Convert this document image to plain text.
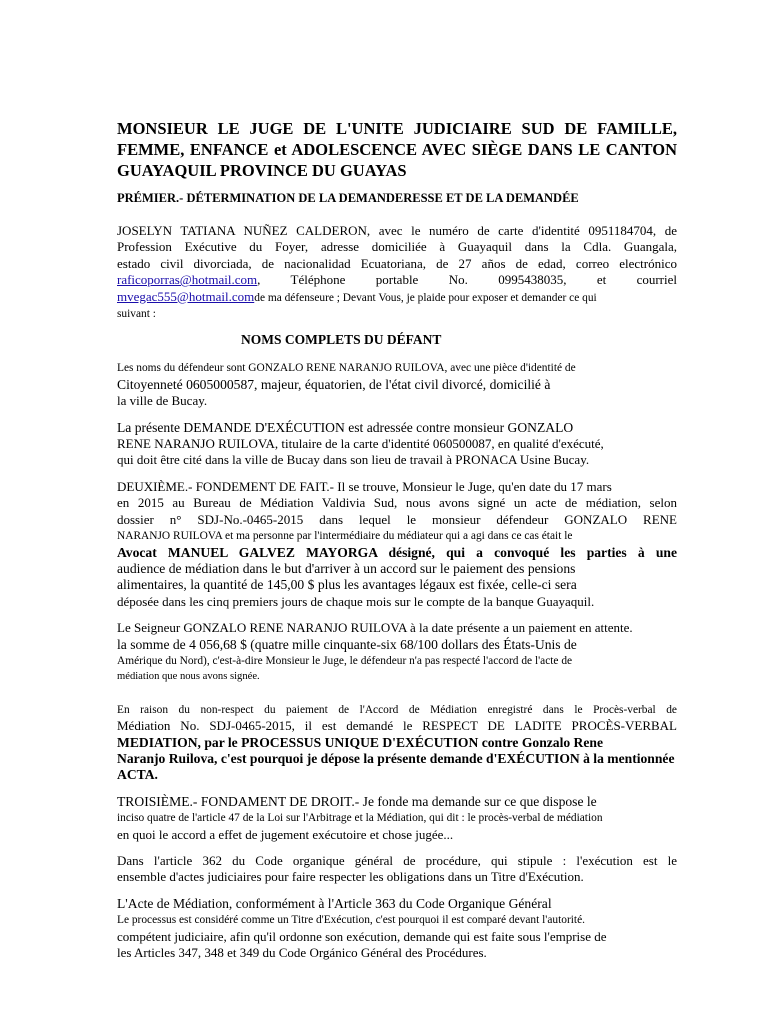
MONSIEUR LE JUGE DE L'UNITE JUDICIAIRE SUD DE FAMILLE, FEMME, ENFANCE et ADOLESCENCE AVEC SIÈGE DANS LE CANTON GUAYAQUIL PROVINCE DU GUAYAS
PRÉMIER.- DÉTERMINATION DE LA DEMANDERESSE ET DE LA DEMANDÉE
JOSELYN TATIANA NUÑEZ CALDERON, avec le numéro de carte d'identité 0951184704, de
Profession Exécutive du Foyer, adresse domiciliée à Guayaquil dans la Cdla. Guangala,
estado civil divorciada, de nacionalidad Ecuatoriana, de 27 años de edad, correo electrónico
raficoporras@hotmail.com, Téléphone portable No. 0995438035, et courriel
mvegac555@hotmail.comde ma défenseure ; Devant Vous, je plaide pour exposer et demander ce qui
suivant :
NOMS COMPLETS DU DÉFANT
Les noms du défendeur sont GONZALO RENE NARANJO RUILOVA, avec une pièce d'identité de
Citoyenneté 0605000587, majeur, équatorien, de l'état civil divorcé, domicilié à
la ville de Bucay.
La présente DEMANDE D'EXÉCUTION est adressée contre monsieur GONZALO
RENE NARANJO RUILOVA, titulaire de la carte d'identité 060500087, en qualité d'exécuté,
qui doit être cité dans la ville de Bucay dans son lieu de travail à PRONACA Usine Bucay.
DEUXIÈME.- FONDEMENT DE FAIT.- Il se trouve, Monsieur le Juge, qu'en date du 17 mars
en 2015 au Bureau de Médiation Valdivia Sud, nous avons signé un acte de médiation, selon
dossier n° SDJ-No.-0465-2015 dans lequel le monsieur défendeur GONZALO RENE
NARANJO RUILOVA et ma personne par l'intermédiaire du médiateur qui a agi dans ce cas était le
Avocat MANUEL GALVEZ MAYORGA désigné, qui a convoqué les parties à une
audience de médiation dans le but d'arriver à un accord sur le paiement des pensions
alimentaires, la quantité de 145,00 $ plus les avantages légaux est fixée, celle-ci sera
déposée dans les cinq premiers jours de chaque mois sur le compte de la banque Guayaquil.
Le Seigneur GONZALO RENE NARANJO RUILOVA à la date présente a un paiement en attente.
la somme de 4 056,68 $ (quatre mille cinquante-six 68/100 dollars des États-Unis de
Amérique du Nord), c'est-à-dire Monsieur le Juge, le défendeur n'a pas respecté l'accord de l'acte de
médiation que nous avons signée.
En raison du non-respect du paiement de l'Accord de Médiation enregistré dans le Procès-verbal de
Médiation No. SDJ-0465-2015, il est demandé le RESPECT DE LADITE PROCÈS-VERBAL
MEDIATION, par le PROCESSUS UNIQUE D'EXÉCUTION contre Gonzalo Rene
Naranjo Ruilova, c'est pourquoi je dépose la présente demande d'EXÉCUTION à la mentionnée
ACTA.
TROISIÈME.- FONDAMENT DE DROIT.- Je fonde ma demande sur ce que dispose le
inciso quatre de l'article 47 de la Loi sur l'Arbitrage et la Médiation, qui dit : le procès-verbal de médiation
en quoi le accord a effet de jugement exécutoire et chose jugée...
Dans l'article 362 du Code organique général de procédure, qui stipule : l'exécution est le
ensemble d'actes judiciaires pour faire respecter les obligations dans un Titre d'Exécution.
L'Acte de Médiation, conformément à l'Article 363 du Code Organique Général
Le processus est considéré comme un Titre d'Exécution, c'est pourquoi il est comparé devant l'autorité.
compétent judiciaire, afin qu'il ordonne son exécution, demande qui est faite sous l'emprise de
les Articles 347, 348 et 349 du Code Orgánico Général des Procédures.
